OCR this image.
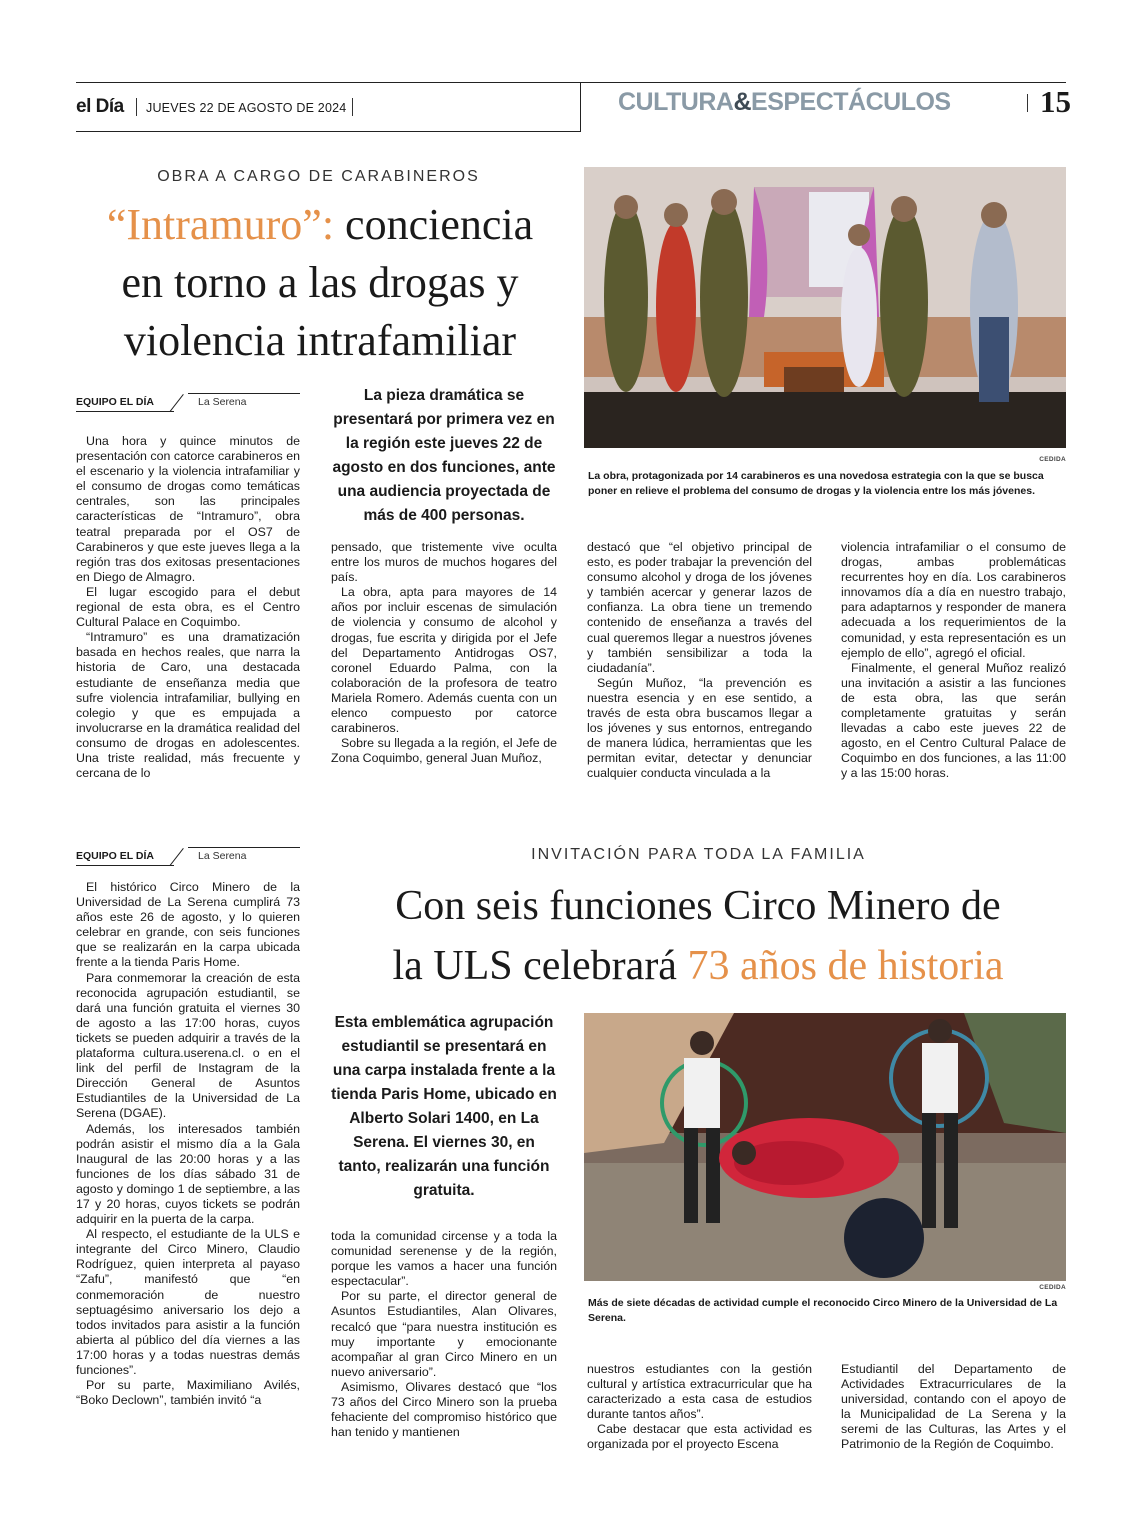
el Día JUEVES 22 DE AGOSTO DE 2024	CULTURA&ESPECTÁCULOS	15
OBRA A CARGO DE CARABINEROS
“Intramuro”: conciencia
en torno a las drogas y
violencia intrafamiliar
EQUIPO EL DÍA	La Serena	La pieza dramática se presentará por primera vez en la región este jueves 22 de agosto en dos funciones, ante una audiencia proyectada de más de 400 personas.
CEDIDA
La obra, protagonizada por 14 carabineros es una novedosa estrategia con la que se busca poner en relieve el problema del consumo de drogas y la violencia entre los más jóvenes.

Una hora y quince minutos de presentación con catorce carabineros en el escenario y la violencia intrafamiliar y el consumo de drogas como temáticas centrales, son las principales características de “Intramuro”, obra teatral preparada por el OS7 de Carabineros y que este jueves llega a la región tras dos exitosas presentaciones en Diego de Almagro.

El lugar escogido para el debut regional de esta obra, es el Centro Cultural Palace en Coquimbo.

“Intramuro” es una dramatización basada en hechos reales, que narra la historia de Caro, una destacada estudiante de enseñanza media que sufre violencia intrafamiliar, bullying en colegio y que es empujada a involucrarse en la dramática realidad del consumo de drogas en adolescentes. Una triste realidad, más frecuente y cercana de lo

pensado, que tristemente vive oculta entre los muros de muchos hogares del país.

La obra, apta para mayores de 14 años por incluir escenas de simulación de violencia y consumo de alcohol y drogas, fue escrita y dirigida por el Jefe del Departamento Antidrogas OS7, coronel Eduardo Palma, con la colaboración de la profesora de teatro Mariela Romero. Además cuenta con un elenco compuesto por catorce carabineros.

Sobre su llegada a la región, el Jefe de Zona Coquimbo, general Juan Muñoz,

destacó que “el objetivo principal de esto, es poder trabajar la prevención del consumo alcohol y droga de los jóvenes y también acercar y generar lazos de confianza. La obra tiene un tremendo contenido de enseñanza a través del cual queremos llegar a nuestros jóvenes y también sensibilizar a toda la ciudadanía”.

Según Muñoz, “la prevención es nuestra esencia y en ese sentido, a través de esta obra buscamos llegar a los jóvenes y sus entornos, entregando de manera lúdica, herramientas que les permitan evitar, detectar y denunciar cualquier conducta vinculada a la

violencia intrafamiliar o el consumo de drogas, ambas problemáticas recurrentes hoy en día. Los carabineros innovamos día a día en nuestro trabajo, para adaptarnos y responder de manera adecuada a los requerimientos de la comunidad, y esta representación es un ejemplo de ello”, agregó el oficial.

Finalmente, el general Muñoz realizó una invitación a asistir a las funciones de esta obra, las que serán completamente gratuitas y serán llevadas a cabo este jueves 22 de agosto, en el Centro Cultural Palace de Coquimbo en dos funciones, a las 11:00 y a las 15:00 horas.

EQUIPO EL DÍA	La Serena	INVITACIÓN PARA TODA LA FAMILIA
Con seis funciones Circo Minero de
la ULS celebrará 73 años de historia
Esta emblemática agrupación estudiantil se presentará en una carpa instalada frente a la tienda Paris Home, ubicado en Alberto Solari 1400, en La Serena. El viernes 30, en tanto, realizarán una función gratuita.
CEDIDA
Más de siete décadas de actividad cumple el reconocido Circo Minero de la Universidad de La Serena.

El histórico Circo Minero de la Universidad de La Serena cumplirá 73 años este 26 de agosto, y lo quieren celebrar en grande, con seis funciones que se realizarán en la carpa ubicada frente a la tienda Paris Home.

Para conmemorar la creación de esta reconocida agrupación estudiantil, se dará una función gratuita el viernes 30 de agosto a las 17:00 horas, cuyos tickets se pueden adquirir a través de la plataforma cultura.userena.cl. o en el link del perfil de Instagram de la Dirección General de Asuntos Estudiantiles de la Universidad de La Serena (DGAE).

Además, los interesados también podrán asistir el mismo día a la Gala Inaugural de las 20:00 horas y a las funciones de los días sábado 31 de agosto y domingo 1 de septiembre, a las 17 y 20 horas, cuyos tickets se podrán adquirir en la puerta de la carpa.

Al respecto, el estudiante de la ULS e integrante del Circo Minero, Claudio Rodríguez, quien interpreta al payaso “Zafu”, manifestó que “en conmemoración de nuestro septuagésimo aniversario los dejo a todos invitados para asistir a la función abierta al público del día viernes a las 17:00 horas y a todas nuestras demás funciones”.

Por su parte, Maximiliano Avilés, “Boko Declown”, también invitó “a

toda la comunidad circense y a toda la comunidad serenense y de la región, porque les vamos a hacer una función espectacular”.

Por su parte, el director general de Asuntos Estudiantiles, Alan Olivares, recalcó que “para nuestra institución es muy importante y emocionante acompañar al gran Circo Minero en un nuevo aniversario”.

Asimismo, Olivares destacó que “los 73 años del Circo Minero son la prueba fehaciente del compromiso histórico que han tenido y mantienen

nuestros estudiantes con la gestión cultural y artística extracurricular que ha caracterizado a esta casa de estudios durante tantos años”.

Cabe destacar que esta actividad es organizada por el proyecto Escena

Estudiantil del Departamento de Actividades Extracurriculares de la universidad, contando con el apoyo de la Municipalidad de La Serena y la seremi de las Culturas, las Artes y el Patrimonio de la Región de Coquimbo.
